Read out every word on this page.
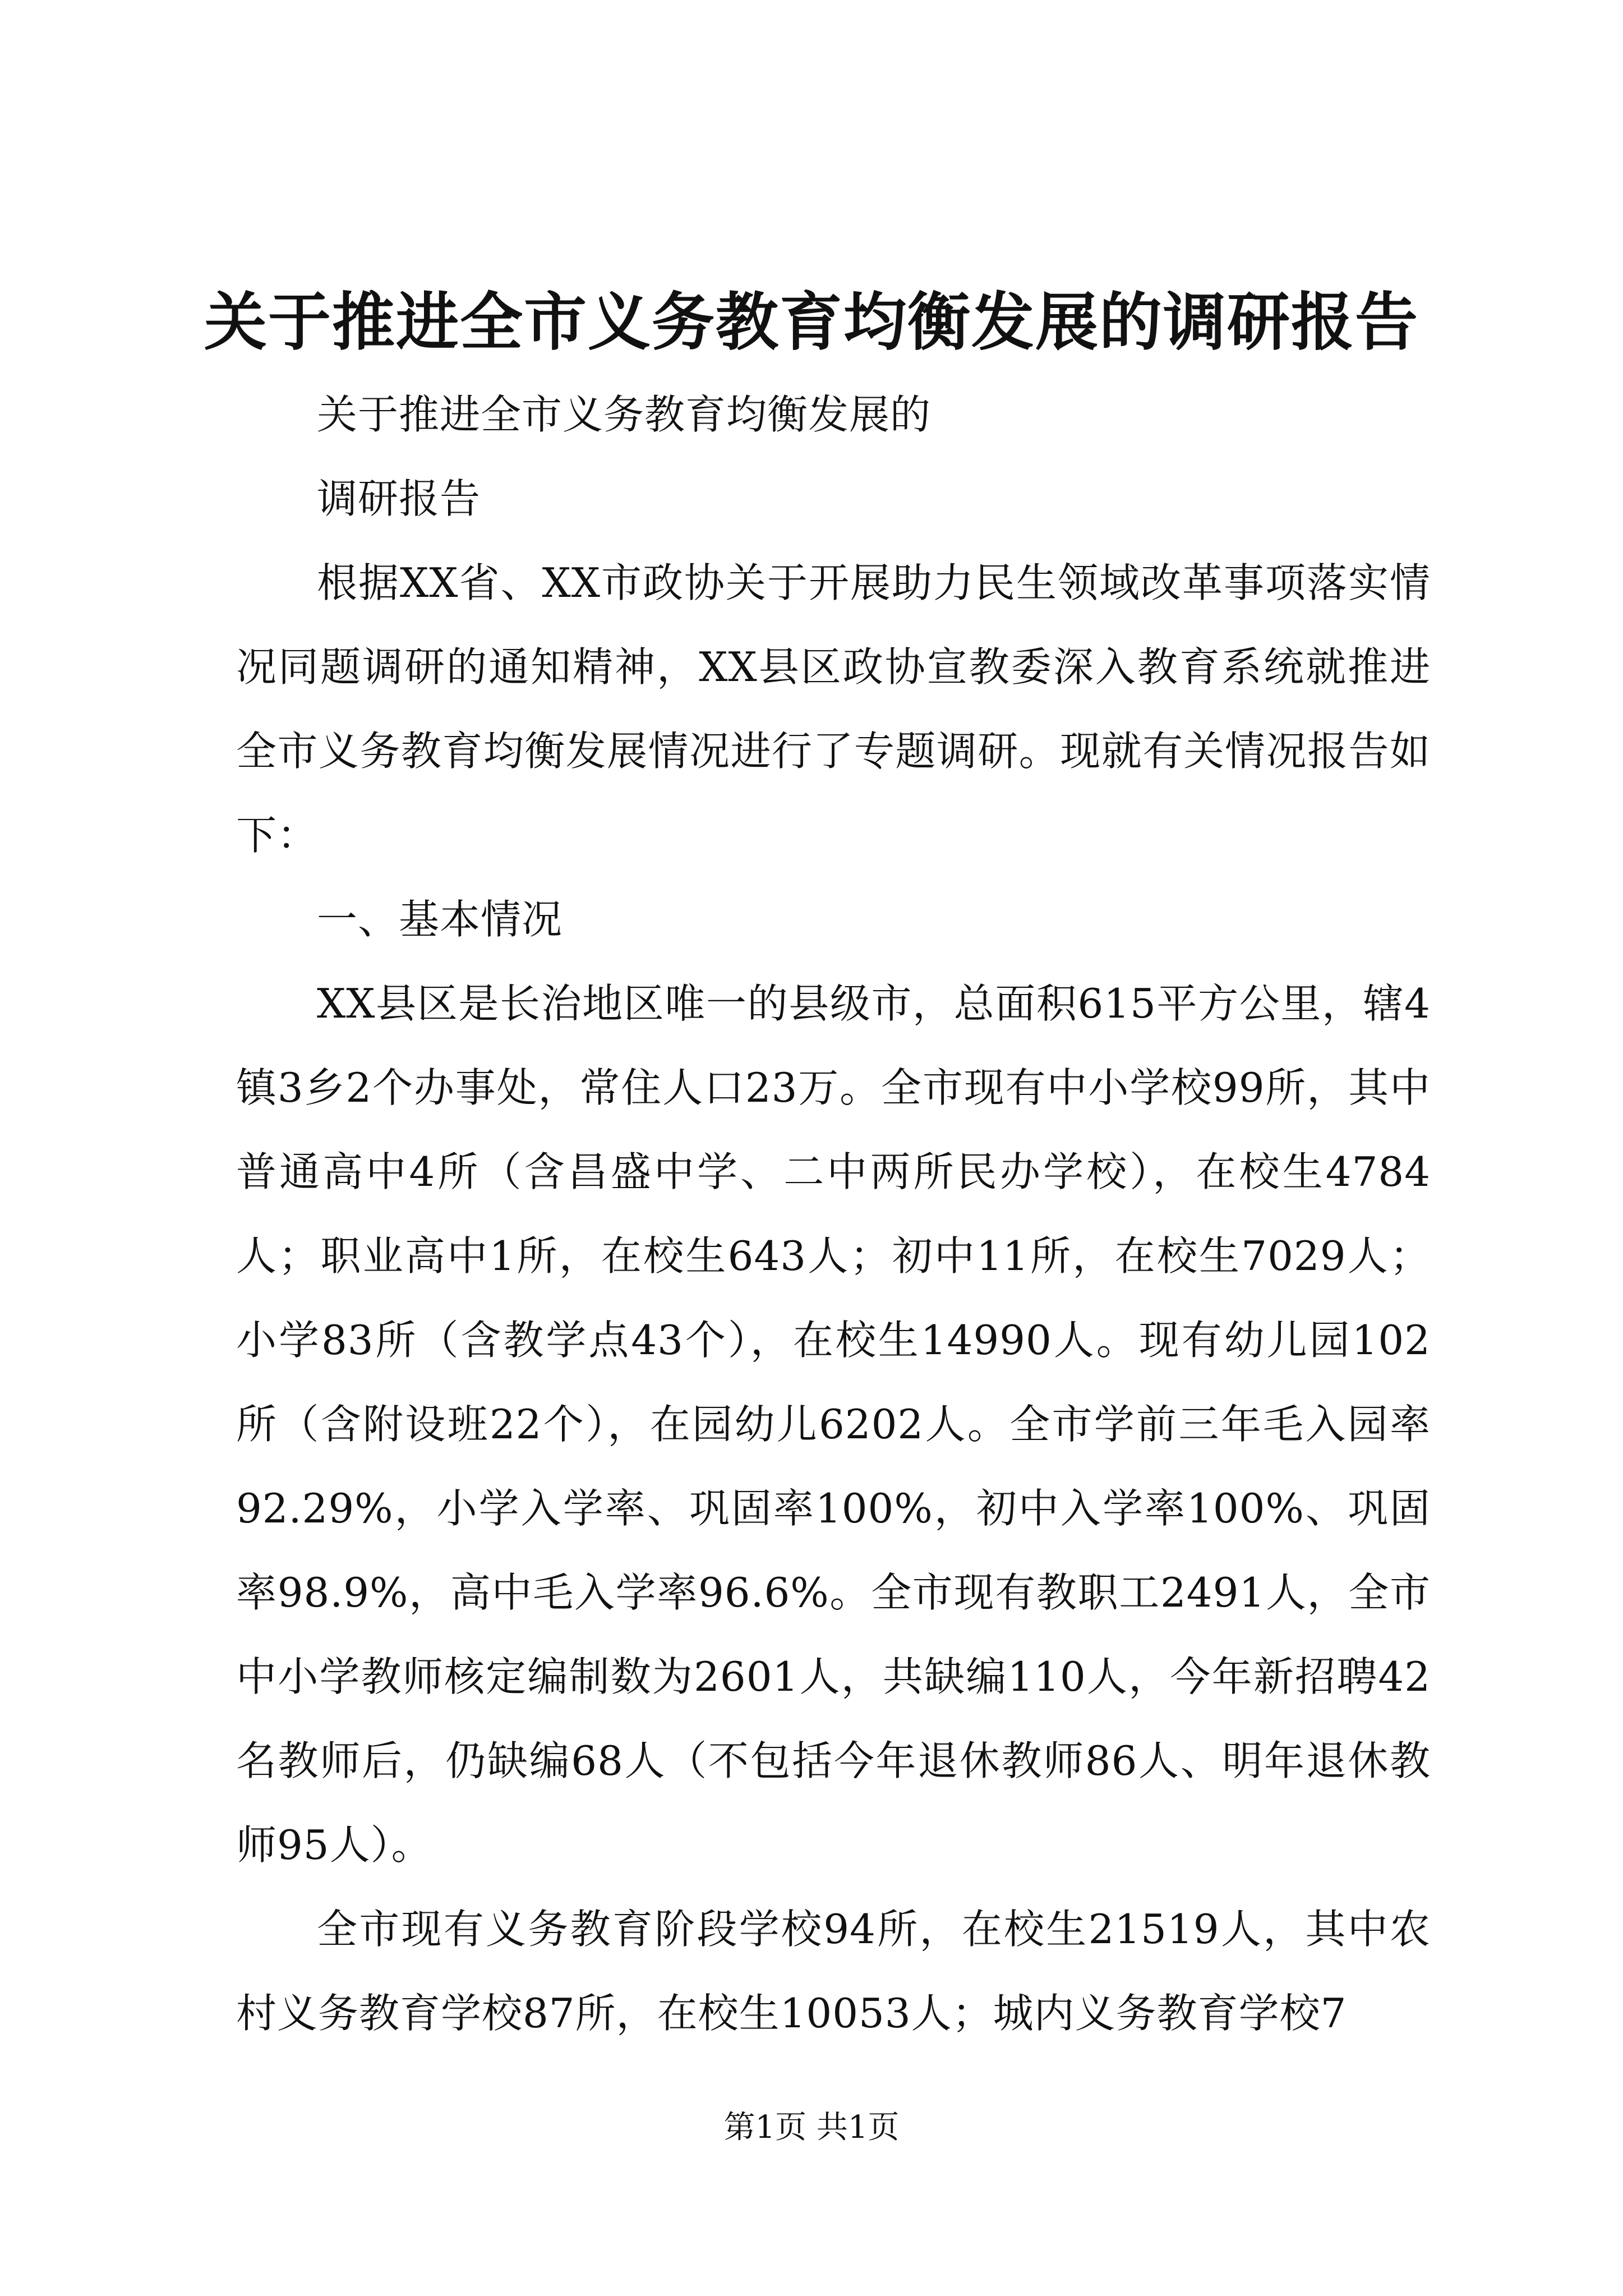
关于推进全市义务教育均衡发展的调研报告

关于推进全市义务教育均衡发展的

调研报告

根据XX省、XX市政协关于开展助力民生领域改革事项落实情况同题调研的通知精神，XX县区政协宣教委深入教育系统就推进全市义务教育均衡发展情况进行了专题调研。现就有关情况报告如下：

一、基本情况

XX县区是长治地区唯一的县级市，总面积615平方公里，辖4镇3乡2个办事处，常住人口23万。全市现有中小学校99所，其中普通高中4所（含昌盛中学、二中两所民办学校），在校生4784人；职业高中1所，在校生643人；初中11所，在校生7029人；小学83所（含教学点43个），在校生14990人。现有幼儿园102所（含附设班22个），在园幼儿6202人。全市学前三年毛入园率92.29%，小学入学率、巩固率100%，初中入学率100%、巩固率98.9%，高中毛入学率96.6%。全市现有教职工2491人，全市中小学教师核定编制数为2601人，共缺编110人，今年新招聘42名教师后，仍缺编68人（不包括今年退休教师86人、明年退休教师95人）。

全市现有义务教育阶段学校94所，在校生21519人，其中农村义务教育学校87所，在校生10053人；城内义务教育学校7

第1页 共1页
